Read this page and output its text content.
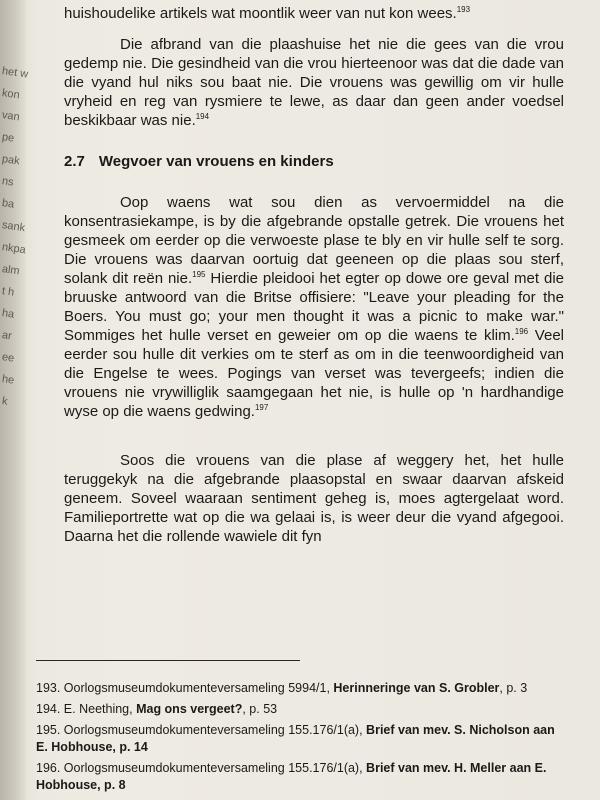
het w
kon
van
pe
pak
ns
ba
sank
nkpa
alm
t h
ha
ar
ee
he
k

huishoudelike artikels wat moontlik weer van nut kon wees.$^{193}$

Die afbrand van die plaashuise het nie die gees van die vrou gedemp nie. Die gesindheid van die vrou hierteenoor was dat die dade van die vyand hul niks sou baat nie. Die vrouens was gewillig om vir hulle vryheid en reg van rysmiere te lewe, as daar dan geen ander voedsel beskikbaar was nie.$^{194}$

2.7 Wegvoer van vrouens en kinders

Oop waens wat sou dien as vervoermiddel na die konsentrasiekampe, is by die afgebrande opstalle getrek. Die vrouens het gesmeek om eerder op die verwoeste plase te bly en vir hulle self te sorg. Die vrouens was daarvan oortuig dat geeneen op die plaas sou sterf, solank dit reën nie.$^{195}$ Hierdie pleidooi het egter op dowe ore geval met die bruuske antwoord van die Britse offisiere: "Leave your pleading for the Boers. You must go; your men thought it was a picnic to make war." Sommiges het hulle verset en geweier om op die waens te klim.$^{196}$ Veel eerder sou hulle dit verkies om te sterf as om in die teenwoordigheid van die Engelse te wees. Pogings van verset was tevergeefs; indien die vrouens nie vrywilliglik saamgegaan het nie, is hulle op 'n hardhandige wyse op die waens gedwing.$^{197}$

Soos die vrouens van die plase af weggery het, het hulle teruggekyk na die afgebrande plaasopstal en swaar daarvan afskeid geneem. Soveel waaraan sentiment geheg is, moes agtergelaat word. Familieportrette wat op die wa gelaai is, is weer deur die vyand afgegooi. Daarna het die rollende wawiele dit fyn

193. Oorlogsmuseumdokumenteversameling 5994/1, Herinneringe van S. Grobler, p. 3

194. E. Neething, Mag ons vergeet?, p. 53

195. Oorlogsmuseumdokumenteversameling 155.176/1(a), Brief van mev. S. Nicholson aan E. Hobhouse, p. 14

196. Oorlogsmuseumdokumenteversameling 155.176/1(a), Brief van mev. H. Meller aan E. Hobhouse, p. 8
